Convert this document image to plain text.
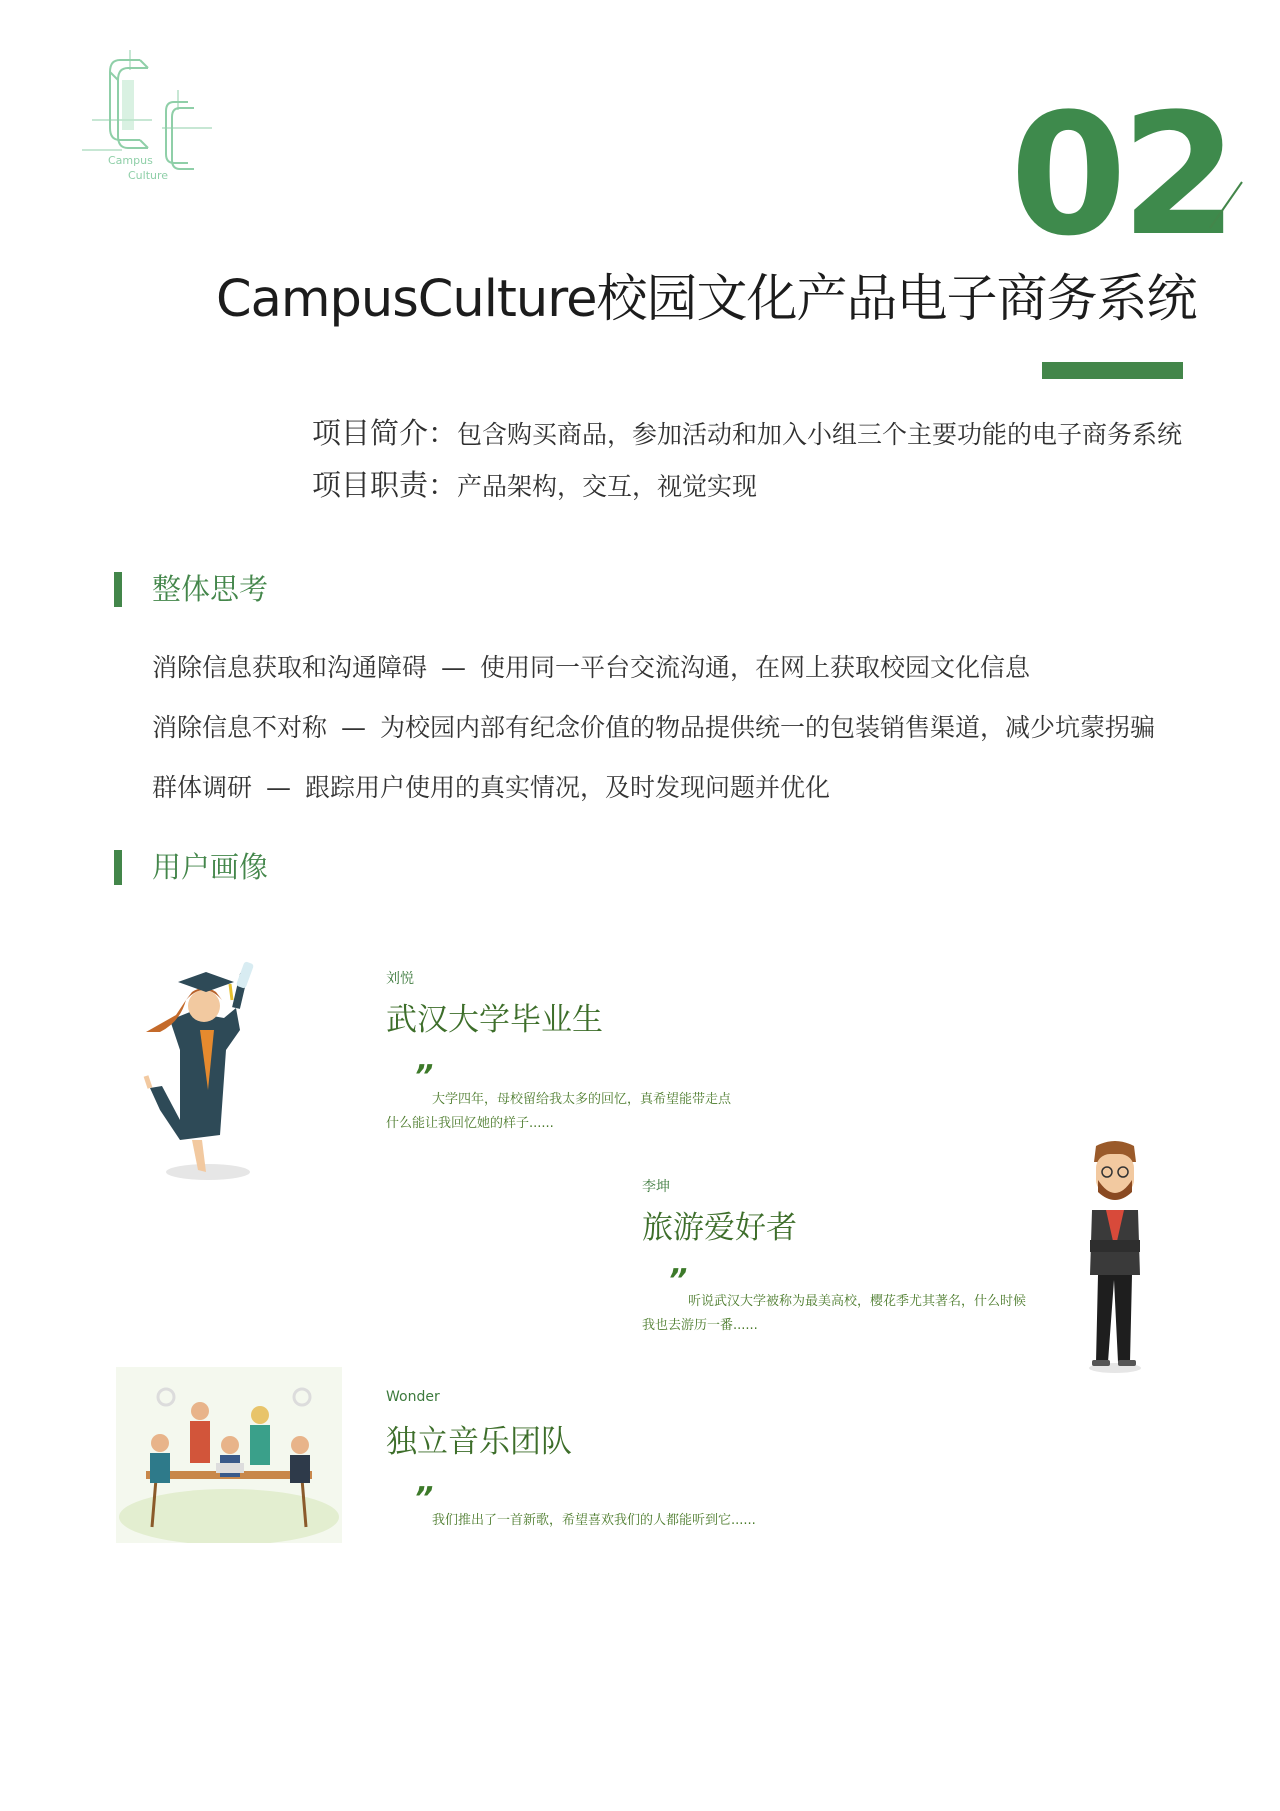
Campus
Culture	02
CampusCulture校园文化产品电子商务系统
项目简介：包含购买商品，参加活动和加入小组三个主要功能的电子商务系统
项目职责：产品架构，交互，视觉实现
整体思考
消除信息获取和沟通障碍 — 使用同一平台交流沟通，在网上获取校园文化信息
消除信息不对称 — 为校园内部有纪念价值的物品提供统一的包装销售渠道，减少坑蒙拐骗
群体调研 — 跟踪用户使用的真实情况，及时发现问题并优化
用户画像
刘悦
武汉大学毕业生
”
大学四年，母校留给我太多的回忆，真希望能带走点
什么能让我回忆她的样子......
李坤
旅游爱好者
”
听说武汉大学被称为最美高校，樱花季尤其著名，什么时候
我也去游历一番......
Wonder
独立音乐团队
”
我们推出了一首新歌，希望喜欢我们的人都能听到它......
